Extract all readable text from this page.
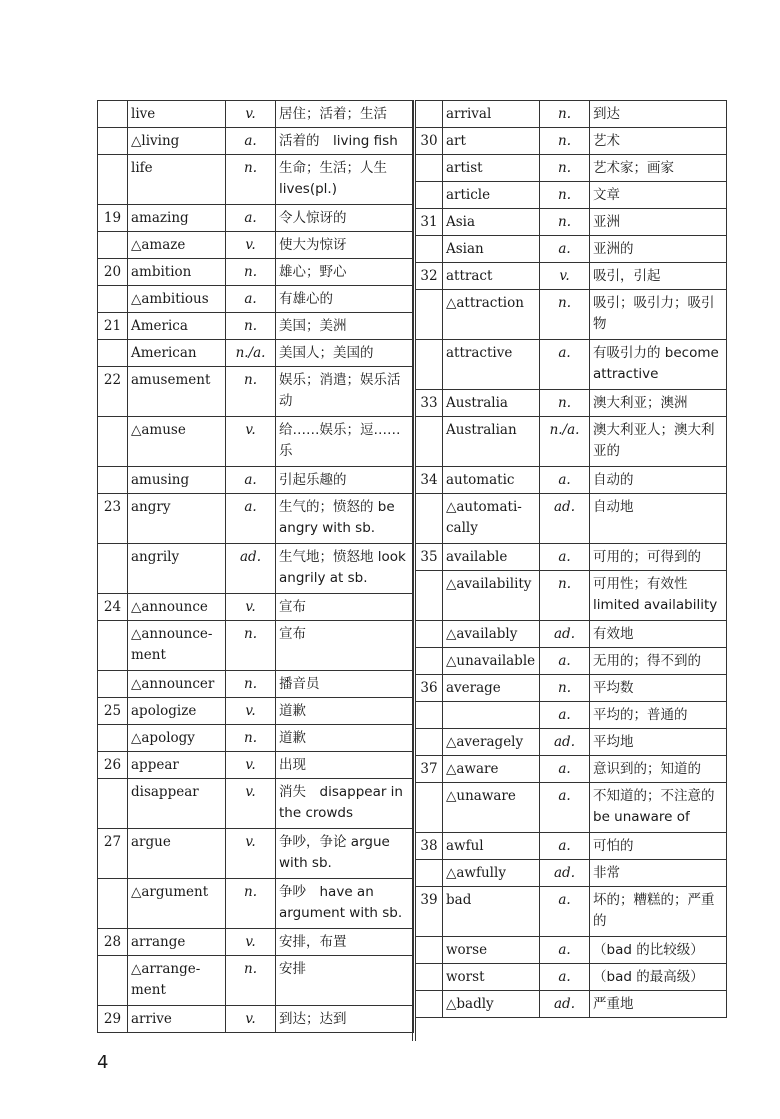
	live	v.	居住；活着；生活
	△living	a.	活着的　living fish
	life	n.	生命；生活；人生 lives(pl.)
19	amazing	a.	令人惊讶的
	△amaze	v.	使大为惊讶
20	ambition	n.	雄心；野心
	△ambitious	a.	有雄心的
21	America	n.	美国；美洲
	American	n./a.	美国人；美国的
22	amusement	n.	娱乐；消遣；娱乐活动
	△amuse	v.	给……娱乐；逗……乐
	amusing	a.	引起乐趣的
23	angry	a.	生气的；愤怒的 be angry with sb.
	angrily	ad.	生气地；愤怒地 look angrily at sb.
24	△announce	v.	宣布
	△announce-ment	n.	宣布
	△announcer	n.	播音员
25	apologize	v.	道歉
	△apology	n.	道歉
26	appear	v.	出现
	disappear	v.	消失　disappear in the crowds
27	argue	v.	争吵，争论 argue with sb.
	△argument	n.	争吵　have an argument with sb.
28	arrange	v.	安排，布置
	△arrange-ment	n.	安排
29	arrive	v.	到达；达到
	arrival	n.	到达
30	art	n.	艺术
	artist	n.	艺术家；画家
	article	n.	文章
31	Asia	n.	亚洲
	Asian	a.	亚洲的
32	attract	v.	吸引，引起
	△attraction	n.	吸引；吸引力；吸引物
	attractive	a.	有吸引力的 become attractive
33	Australia	n.	澳大利亚；澳洲
	Australian	n./a.	澳大利亚人；澳大利亚的
34	automatic	a.	自动的
	△automati-cally	ad.	自动地
35	available	a.	可用的；可得到的
	△availability	n.	可用性；有效性 limited availability
	△availably	ad.	有效地
	△unavailable	a.	无用的；得不到的
36	average	n.	平均数
		a.	平均的；普通的
	△averagely	ad.	平均地
37	△aware	a.	意识到的；知道的
	△unaware	a.	不知道的；不注意的 be unaware of
38	awful	a.	可怕的
	△awfully	ad.	非常
39	bad	a.	坏的；糟糕的；严重的
	worse	a.	（bad 的比较级）
	worst	a.	（bad 的最高级）
	△badly	ad.	严重地
4
